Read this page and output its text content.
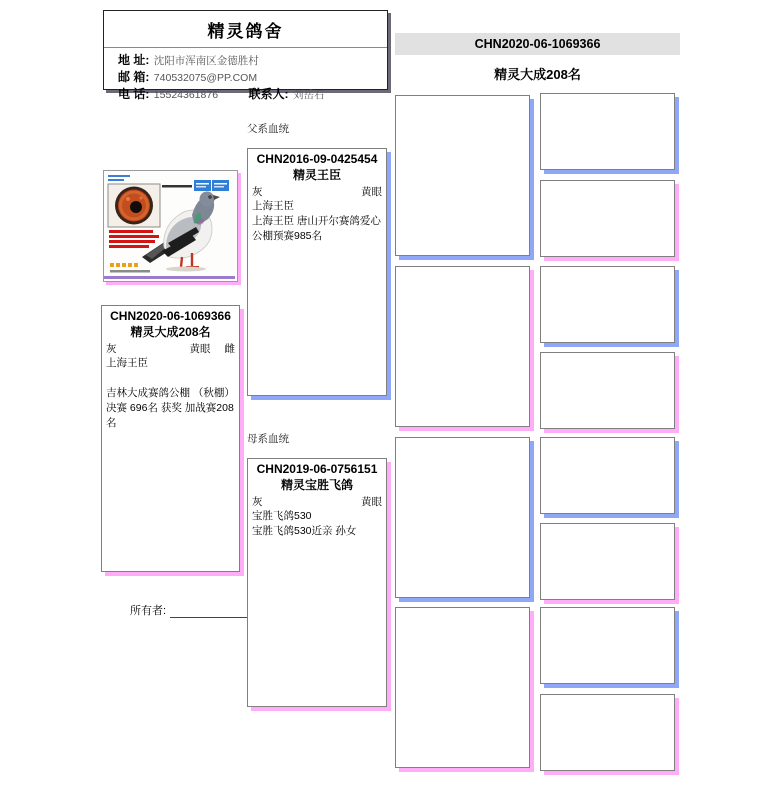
精灵鸽舍
地 址: 沈阳市浑南区金德胜村
邮 箱: 740532075@PP.COM
电 话: 15524361876	联系人: 刘岳石
CHN2020-06-1069366
精灵大成208名
灰	黄眼 雌
上海王臣
吉林大成赛鸽公棚 （秋棚）
决赛 696名 获奖 加战赛208名
所有者:
父系血统
CHN2016-09-0425454
精灵王臣
灰	黄眼
上海王臣
上海王臣 唐山开尔赛鸽爱心公棚预赛985名
母系血统
CHN2019-06-0756151
精灵宝胜飞鸽
灰	黄眼
宝胜飞鸽530
宝胜飞鸽530近亲 孙女
CHN2020-06-1069366
精灵大成208名
